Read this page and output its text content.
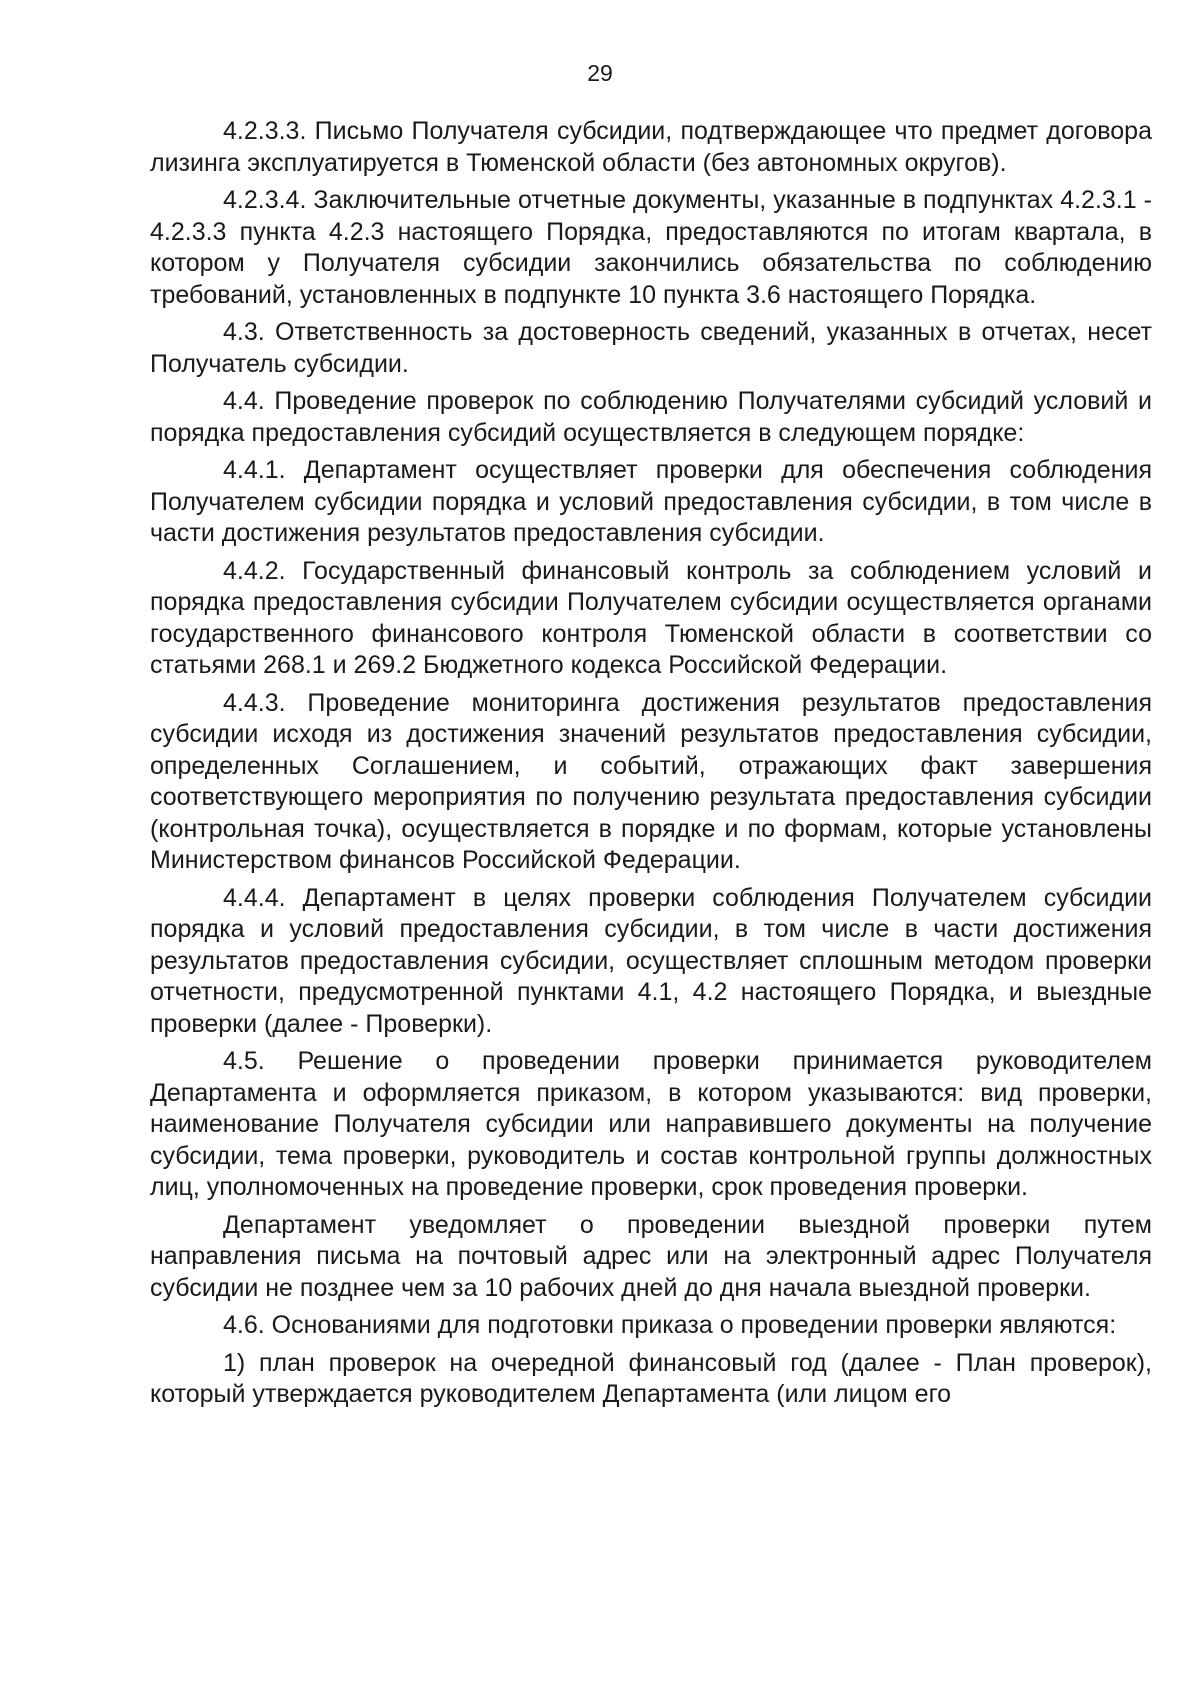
29

4.2.3.3. Письмо Получателя субсидии, подтверждающее что предмет договора лизинга эксплуатируется в Тюменской области (без автономных округов).

4.2.3.4. Заключительные отчетные документы, указанные в подпунктах 4.2.3.1 - 4.2.3.3 пункта 4.2.3 настоящего Порядка, предоставляются по итогам квартала, в котором у Получателя субсидии закончились обязательства по соблюдению требований, установленных в подпункте 10 пункта 3.6 настоящего Порядка.

4.3. Ответственность за достоверность сведений, указанных в отчетах, несет Получатель субсидии.

4.4. Проведение проверок по соблюдению Получателями субсидий условий и порядка предоставления субсидий осуществляется в следующем порядке:

4.4.1. Департамент осуществляет проверки для обеспечения соблюдения Получателем субсидии порядка и условий предоставления субсидии, в том числе в части достижения результатов предоставления субсидии.

4.4.2. Государственный финансовый контроль за соблюдением условий и порядка предоставления субсидии Получателем субсидии осуществляется органами государственного финансового контроля Тюменской области в соответствии со статьями 268.1 и 269.2 Бюджетного кодекса Российской Федерации.

4.4.3. Проведение мониторинга достижения результатов предоставления субсидии исходя из достижения значений результатов предоставления субсидии, определенных Соглашением, и событий, отражающих факт завершения соответствующего мероприятия по получению результата предоставления субсидии (контрольная точка), осуществляется в порядке и по формам, которые установлены Министерством финансов Российской Федерации.

4.4.4. Департамент в целях проверки соблюдения Получателем субсидии порядка и условий предоставления субсидии, в том числе в части достижения результатов предоставления субсидии, осуществляет сплошным методом проверки отчетности, предусмотренной пунктами 4.1, 4.2 настоящего Порядка, и выездные проверки (далее - Проверки).

4.5. Решение о проведении проверки принимается руководителем Департамента и оформляется приказом, в котором указываются: вид проверки, наименование Получателя субсидии или направившего документы на получение субсидии, тема проверки, руководитель и состав контрольной группы должностных лиц, уполномоченных на проведение проверки, срок проведения проверки.

Департамент уведомляет о проведении выездной проверки путем направления письма на почтовый адрес или на электронный адрес Получателя субсидии не позднее чем за 10 рабочих дней до дня начала выездной проверки.

4.6. Основаниями для подготовки приказа о проведении проверки являются:

1) план проверок на очередной финансовый год (далее - План проверок), который утверждается руководителем Департамента (или лицом его
